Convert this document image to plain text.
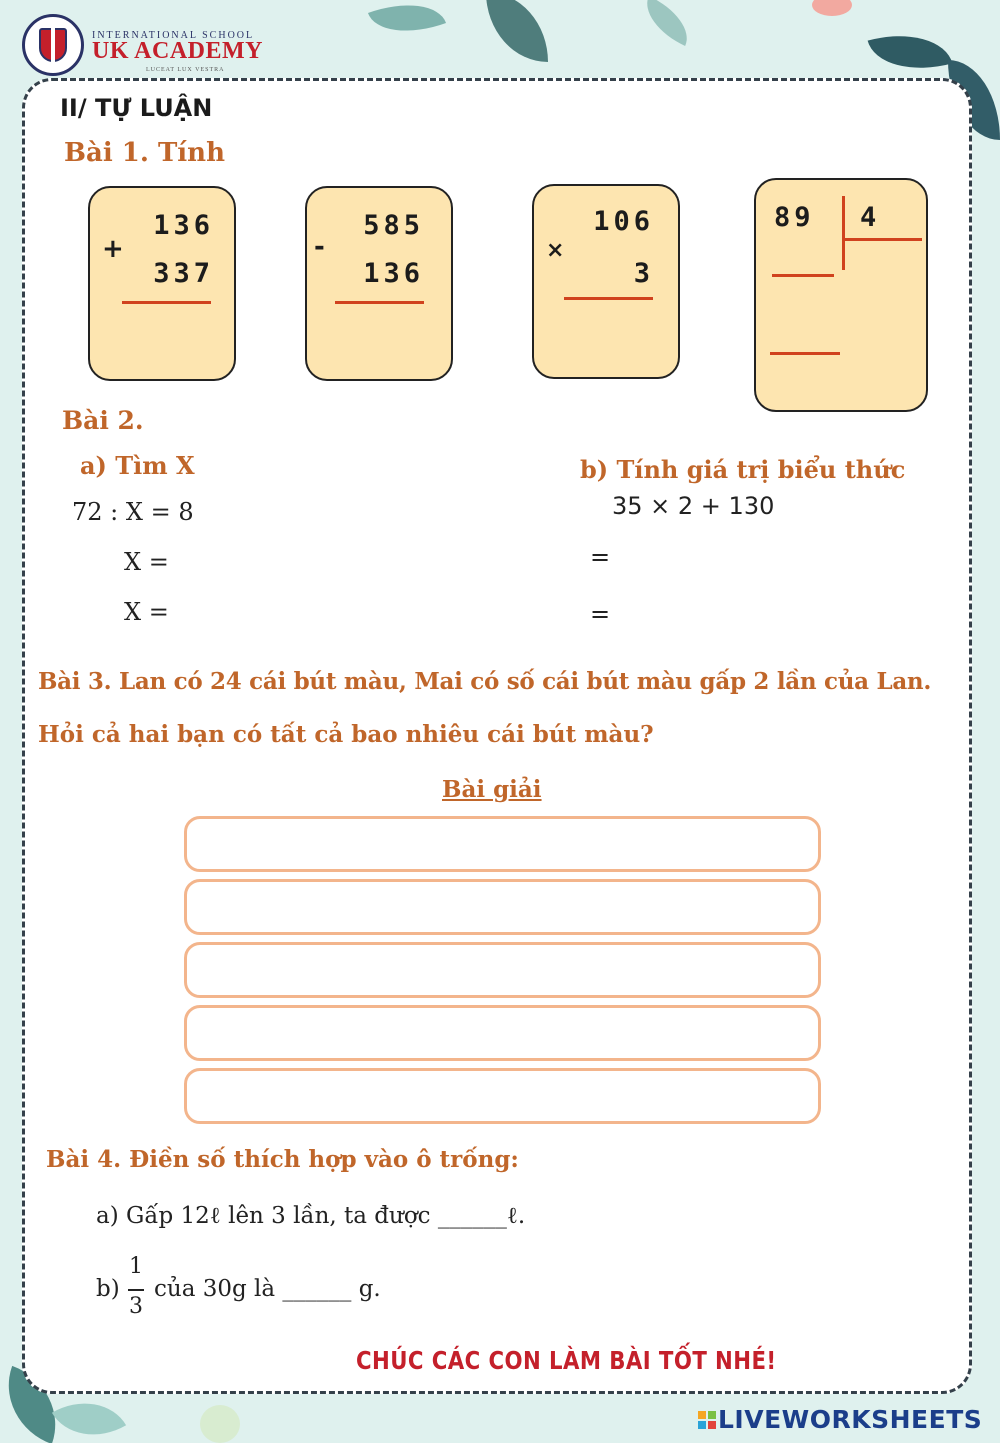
INTERNATIONAL SCHOOL
UK ACADEMY
LUCEAT LUX VESTRA
II/ TỰ LUẬN
Bài 1. Tính
136
+
337
585
-
136
106
×
3
89	4
Bài 2.
a) Tìm X
72 : X = 8
X =
X =
b) Tính giá trị biểu thức
35 × 2 + 130
=
=
Bài 3. Lan có 24 cái bút màu, Mai có số cái bút màu gấp 2 lần của Lan.
Hỏi cả hai bạn có tất cả bao nhiêu cái bút màu?
Bài giải
Bài 4. Điền số thích hợp vào ô trống:
a) Gấp 12ℓ lên 3 lần, ta được ______ℓ.
b)
1
3
của 30g là ______ g.
CHÚC CÁC CON LÀM BÀI TỐT NHÉ!
LIVEWORKSHEETS
